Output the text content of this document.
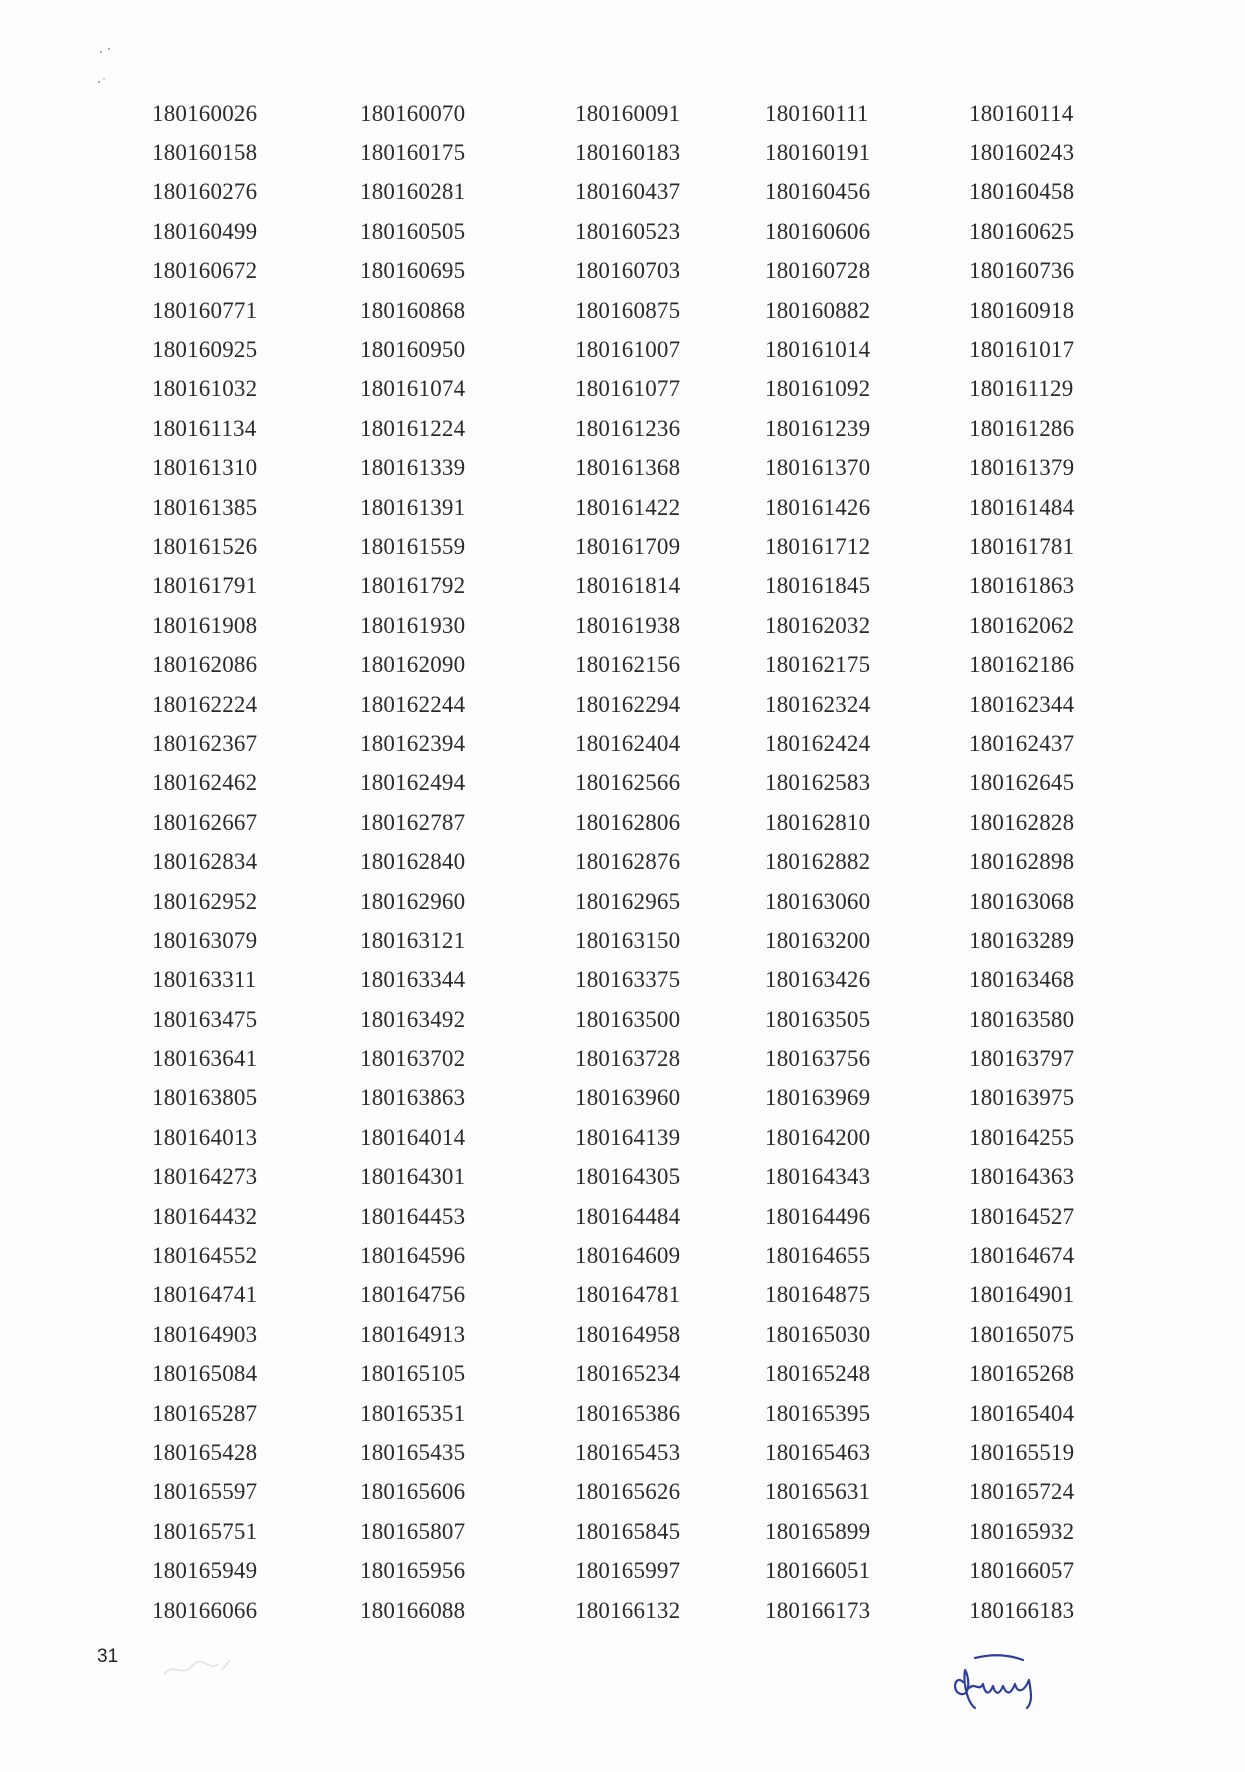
180160026	180160070	180160091	180160111	180160114
180160158	180160175	180160183	180160191	180160243
180160276	180160281	180160437	180160456	180160458
180160499	180160505	180160523	180160606	180160625
180160672	180160695	180160703	180160728	180160736
180160771	180160868	180160875	180160882	180160918
180160925	180160950	180161007	180161014	180161017
180161032	180161074	180161077	180161092	180161129
180161134	180161224	180161236	180161239	180161286
180161310	180161339	180161368	180161370	180161379
180161385	180161391	180161422	180161426	180161484
180161526	180161559	180161709	180161712	180161781
180161791	180161792	180161814	180161845	180161863
180161908	180161930	180161938	180162032	180162062
180162086	180162090	180162156	180162175	180162186
180162224	180162244	180162294	180162324	180162344
180162367	180162394	180162404	180162424	180162437
180162462	180162494	180162566	180162583	180162645
180162667	180162787	180162806	180162810	180162828
180162834	180162840	180162876	180162882	180162898
180162952	180162960	180162965	180163060	180163068
180163079	180163121	180163150	180163200	180163289
180163311	180163344	180163375	180163426	180163468
180163475	180163492	180163500	180163505	180163580
180163641	180163702	180163728	180163756	180163797
180163805	180163863	180163960	180163969	180163975
180164013	180164014	180164139	180164200	180164255
180164273	180164301	180164305	180164343	180164363
180164432	180164453	180164484	180164496	180164527
180164552	180164596	180164609	180164655	180164674
180164741	180164756	180164781	180164875	180164901
180164903	180164913	180164958	180165030	180165075
180165084	180165105	180165234	180165248	180165268
180165287	180165351	180165386	180165395	180165404
180165428	180165435	180165453	180165463	180165519
180165597	180165606	180165626	180165631	180165724
180165751	180165807	180165845	180165899	180165932
180165949	180165956	180165997	180166051	180166057
180166066	180166088	180166132	180166173	180166183
31
